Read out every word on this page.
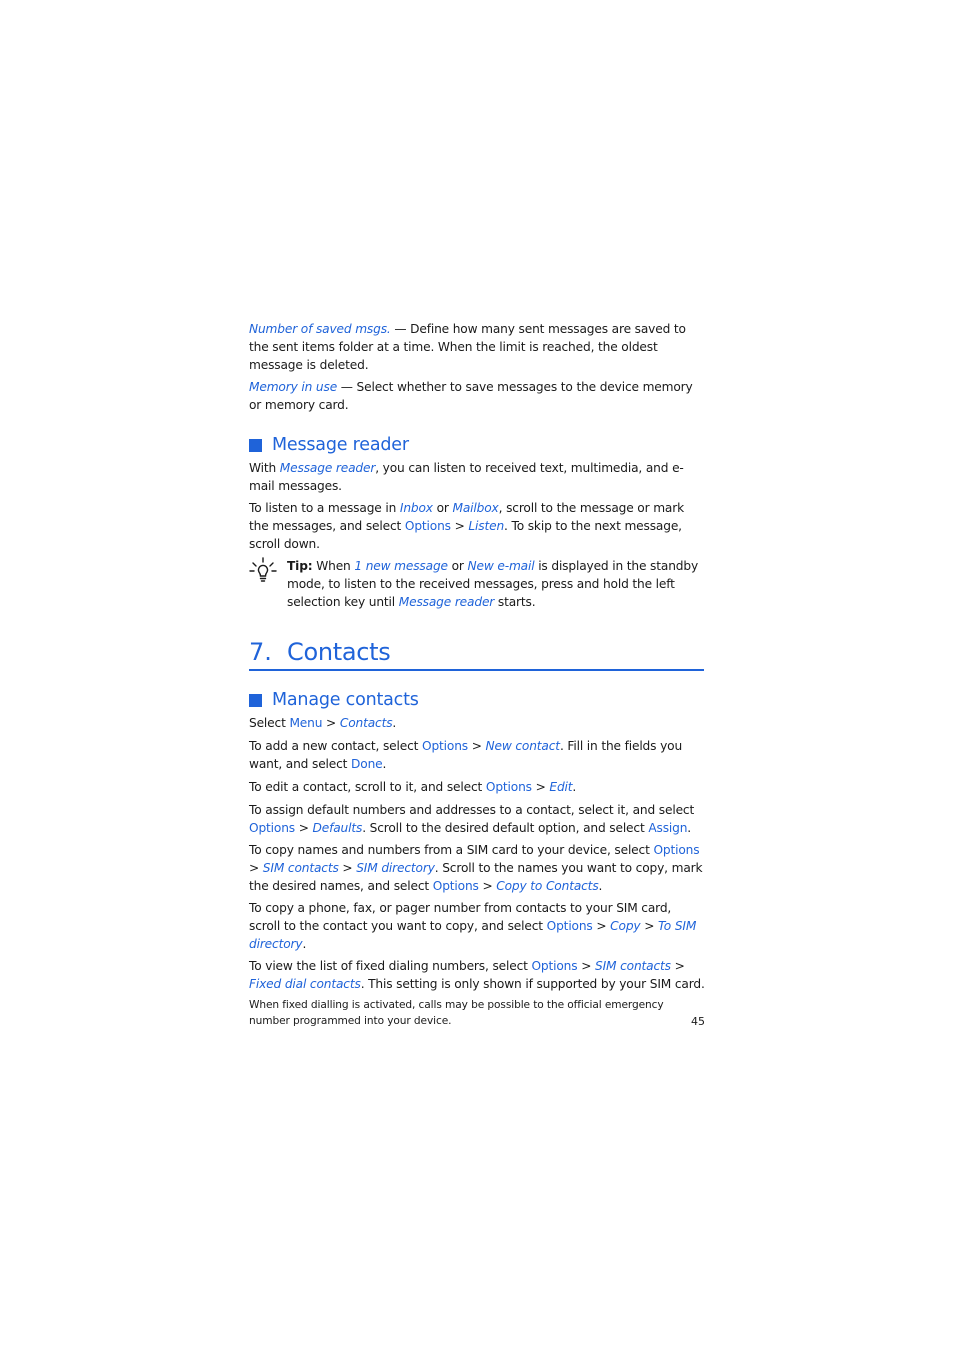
Number of saved msgs. — Define how many sent messages are saved to the sent items folder at a time. When the limit is reached, the oldest message is deleted.

Memory in use — Select whether to save messages to the device memory or memory card.

Message reader

With Message reader, you can listen to received text, multimedia, and e-mail messages.

To listen to a message in Inbox or Mailbox, scroll to the message or mark the messages, and select Options > Listen. To skip to the next message, scroll down.

Tip: When 1 new message or New e-mail is displayed in the standby mode, to listen to the received messages, press and hold the left selection key until Message reader starts.

7. Contacts
Manage contacts

Select Menu > Contacts.

To add a new contact, select Options > New contact. Fill in the fields you want, and select Done.

To edit a contact, scroll to it, and select Options > Edit.

To assign default numbers and addresses to a contact, select it, and select Options > Defaults. Scroll to the desired default option, and select Assign.

To copy names and numbers from a SIM card to your device, select Options > SIM contacts > SIM directory. Scroll to the names you want to copy, mark the desired names, and select Options > Copy to Contacts.

To copy a phone, fax, or pager number from contacts to your SIM card, scroll to the contact you want to copy, and select Options > Copy > To SIM directory.

To view the list of fixed dialing numbers, select Options > SIM contacts > Fixed dial contacts. This setting is only shown if supported by your SIM card.

When fixed dialling is activated, calls may be possible to the official emergency number programmed into your device.	45
